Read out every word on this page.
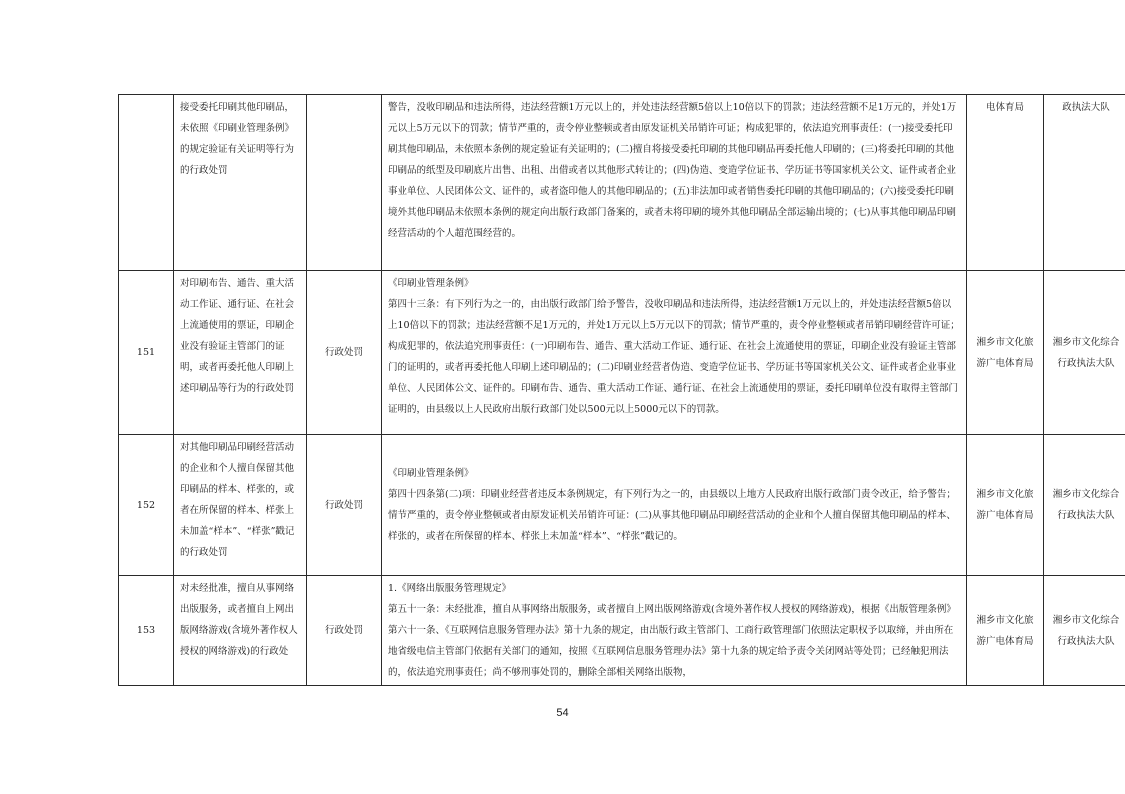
	接受委托印刷其他印刷品，未依照《印刷业管理条例》的规定验证有关证明等行为的行政处罚		警告，没收印刷品和违法所得，违法经营额1万元以上的，并处违法经营额5倍以上10倍以下的罚款；违法经营额不足1万元的，并处1万元以上5万元以下的罚款；情节严重的，责令停业整顿或者由原发证机关吊销许可证；构成犯罪的，依法追究刑事责任：(一)接受委托印刷其他印刷品，未依照本条例的规定验证有关证明的；(二)擅自将接受委托印刷的其他印刷品再委托他人印刷的；(三)将委托印刷的其他印刷品的纸型及印刷底片出售、出租、出借或者以其他形式转让的；(四)伪造、变造学位证书、学历证书等国家机关公文、证件或者企业事业单位、人民团体公文、证件的，或者盗印他人的其他印刷品的；(五)非法加印或者销售委托印刷的其他印刷品的；(六)接受委托印刷境外其他印刷品未依照本条例的规定向出版行政部门备案的，或者未将印刷的境外其他印刷品全部运输出境的；(七)从事其他印刷品印刷经营活动的个人超范围经营的。	电体育局	政执法大队
151	对印刷布告、通告、重大活动工作证、通行证、在社会上流通使用的票证，印刷企业没有验证主管部门的证明，或者再委托他人印刷上述印刷品等行为的行政处罚	行政处罚	《印刷业管理条例》
第四十三条：有下列行为之一的，由出版行政部门给予警告，没收印刷品和违法所得，违法经营额1万元以上的，并处违法经营额5倍以上10倍以下的罚款；违法经营额不足1万元的，并处1万元以上5万元以下的罚款；情节严重的，责令停业整顿或者吊销印刷经营许可证；构成犯罪的，依法追究刑事责任：(一)印刷布告、通告、重大活动工作证、通行证、在社会上流通使用的票证，印刷企业没有验证主管部门的证明的，或者再委托他人印刷上述印刷品的；(二)印刷业经营者伪造、变造学位证书、学历证书等国家机关公文、证件或者企业事业单位、人民团体公文、证件的。印刷布告、通告、重大活动工作证、通行证、在社会上流通使用的票证，委托印刷单位没有取得主管部门证明的，由县级以上人民政府出版行政部门处以500元以上5000元以下的罚款。	湘乡市文化旅游广电体育局	湘乡市文化综合行政执法大队
152	对其他印刷品印刷经营活动的企业和个人擅自保留其他印刷品的样本、样张的，或者在所保留的样本、样张上未加盖“样本”、“样张”戳记的行政处罚	行政处罚	《印刷业管理条例》
第四十四条第(二)项：印刷业经营者违反本条例规定，有下列行为之一的，由县级以上地方人民政府出版行政部门责令改正，给予警告；情节严重的，责令停业整顿或者由原发证机关吊销许可证：(二)从事其他印刷品印刷经营活动的企业和个人擅自保留其他印刷品的样本、样张的，或者在所保留的样本、样张上未加盖“样本”、“样张”戳记的。	湘乡市文化旅游广电体育局	湘乡市文化综合行政执法大队
153	对未经批准，擅自从事网络出版服务，或者擅自上网出版网络游戏(含境外著作权人授权的网络游戏)的行政处	行政处罚	1.《网络出版服务管理规定》
第五十一条：未经批准，擅自从事网络出版服务，或者擅自上网出版网络游戏(含境外著作权人授权的网络游戏)，根据《出版管理条例》第六十一条、《互联网信息服务管理办法》第十九条的规定，由出版行政主管部门、工商行政管理部门依照法定职权予以取缔，并由所在地省级电信主管部门依据有关部门的通知，按照《互联网信息服务管理办法》第十九条的规定给予责令关闭网站等处罚；已经触犯刑法的，依法追究刑事责任；尚不够刑事处罚的，删除全部相关网络出版物，	湘乡市文化旅游广电体育局	湘乡市文化综合行政执法大队
54
